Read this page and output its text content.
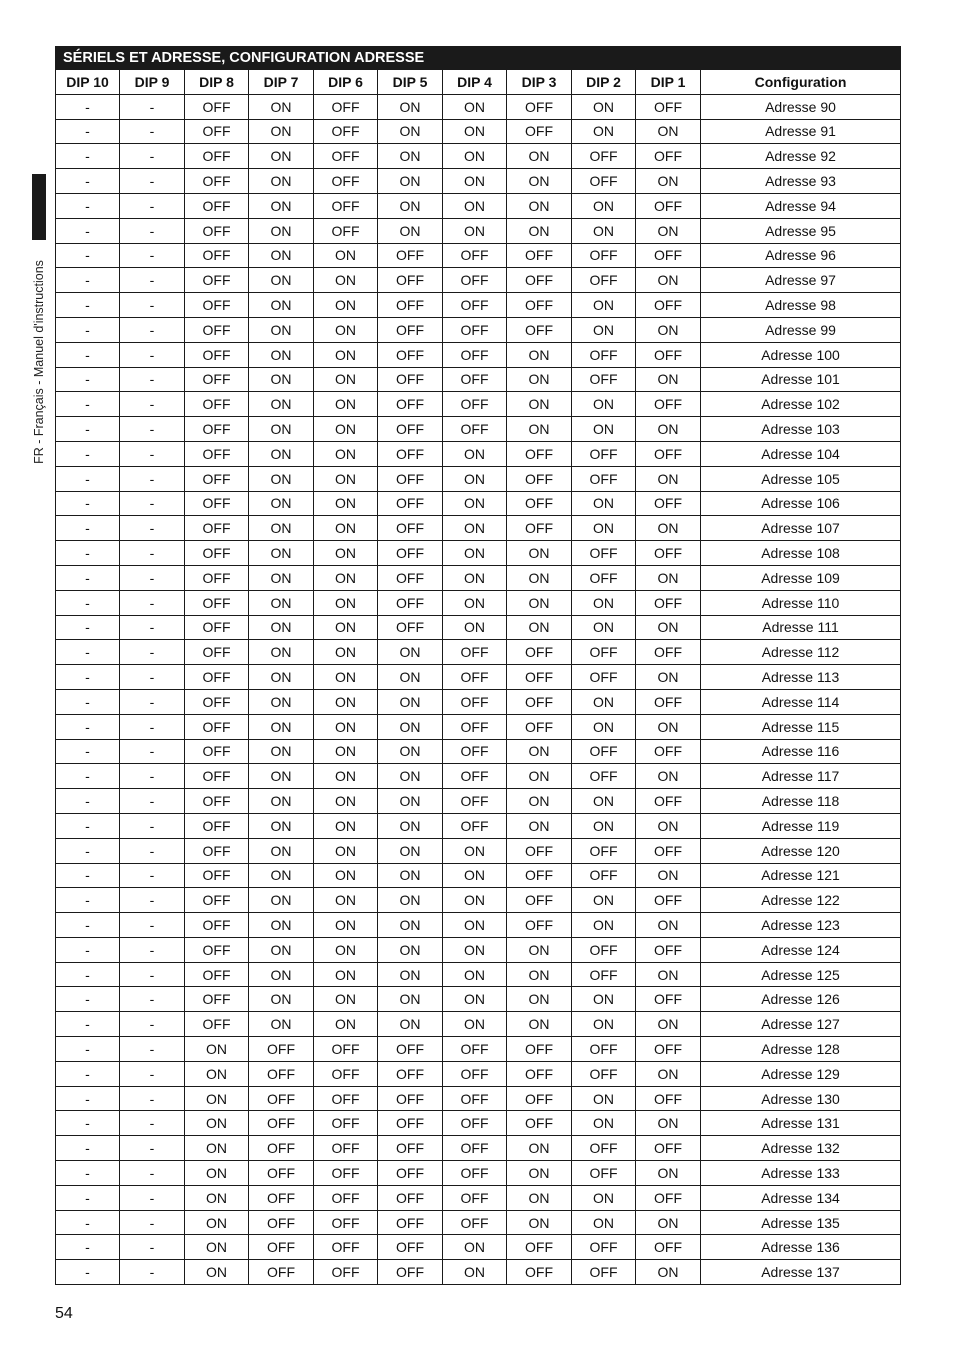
FR - Français - Manuel d'instructions
SÉRIELS ET ADRESSE, CONFIGURATION ADRESSE										
DIP 10	DIP 9	DIP 8	DIP 7	DIP 6	DIP 5	DIP 4	DIP 3	DIP 2	DIP 1	Configuration
-	-	OFF	ON	OFF	ON	ON	OFF	ON	OFF	Adresse 90
-	-	OFF	ON	OFF	ON	ON	OFF	ON	ON	Adresse 91
-	-	OFF	ON	OFF	ON	ON	ON	OFF	OFF	Adresse 92
-	-	OFF	ON	OFF	ON	ON	ON	OFF	ON	Adresse 93
-	-	OFF	ON	OFF	ON	ON	ON	ON	OFF	Adresse 94
-	-	OFF	ON	OFF	ON	ON	ON	ON	ON	Adresse 95
-	-	OFF	ON	ON	OFF	OFF	OFF	OFF	OFF	Adresse 96
-	-	OFF	ON	ON	OFF	OFF	OFF	OFF	ON	Adresse 97
-	-	OFF	ON	ON	OFF	OFF	OFF	ON	OFF	Adresse 98
-	-	OFF	ON	ON	OFF	OFF	OFF	ON	ON	Adresse 99
-	-	OFF	ON	ON	OFF	OFF	ON	OFF	OFF	Adresse 100
-	-	OFF	ON	ON	OFF	OFF	ON	OFF	ON	Adresse 101
-	-	OFF	ON	ON	OFF	OFF	ON	ON	OFF	Adresse 102
-	-	OFF	ON	ON	OFF	OFF	ON	ON	ON	Adresse 103
-	-	OFF	ON	ON	OFF	ON	OFF	OFF	OFF	Adresse 104
-	-	OFF	ON	ON	OFF	ON	OFF	OFF	ON	Adresse 105
-	-	OFF	ON	ON	OFF	ON	OFF	ON	OFF	Adresse 106
-	-	OFF	ON	ON	OFF	ON	OFF	ON	ON	Adresse 107
-	-	OFF	ON	ON	OFF	ON	ON	OFF	OFF	Adresse 108
-	-	OFF	ON	ON	OFF	ON	ON	OFF	ON	Adresse 109
-	-	OFF	ON	ON	OFF	ON	ON	ON	OFF	Adresse 110
-	-	OFF	ON	ON	OFF	ON	ON	ON	ON	Adresse 111
-	-	OFF	ON	ON	ON	OFF	OFF	OFF	OFF	Adresse 112
-	-	OFF	ON	ON	ON	OFF	OFF	OFF	ON	Adresse 113
-	-	OFF	ON	ON	ON	OFF	OFF	ON	OFF	Adresse 114
-	-	OFF	ON	ON	ON	OFF	OFF	ON	ON	Adresse 115
-	-	OFF	ON	ON	ON	OFF	ON	OFF	OFF	Adresse 116
-	-	OFF	ON	ON	ON	OFF	ON	OFF	ON	Adresse 117
-	-	OFF	ON	ON	ON	OFF	ON	ON	OFF	Adresse 118
-	-	OFF	ON	ON	ON	OFF	ON	ON	ON	Adresse 119
-	-	OFF	ON	ON	ON	ON	OFF	OFF	OFF	Adresse 120
-	-	OFF	ON	ON	ON	ON	OFF	OFF	ON	Adresse 121
-	-	OFF	ON	ON	ON	ON	OFF	ON	OFF	Adresse 122
-	-	OFF	ON	ON	ON	ON	OFF	ON	ON	Adresse 123
-	-	OFF	ON	ON	ON	ON	ON	OFF	OFF	Adresse 124
-	-	OFF	ON	ON	ON	ON	ON	OFF	ON	Adresse 125
-	-	OFF	ON	ON	ON	ON	ON	ON	OFF	Adresse 126
-	-	OFF	ON	ON	ON	ON	ON	ON	ON	Adresse 127
-	-	ON	OFF	OFF	OFF	OFF	OFF	OFF	OFF	Adresse 128
-	-	ON	OFF	OFF	OFF	OFF	OFF	OFF	ON	Adresse 129
-	-	ON	OFF	OFF	OFF	OFF	OFF	ON	OFF	Adresse 130
-	-	ON	OFF	OFF	OFF	OFF	OFF	ON	ON	Adresse 131
-	-	ON	OFF	OFF	OFF	OFF	ON	OFF	OFF	Adresse 132
-	-	ON	OFF	OFF	OFF	OFF	ON	OFF	ON	Adresse 133
-	-	ON	OFF	OFF	OFF	OFF	ON	ON	OFF	Adresse 134
-	-	ON	OFF	OFF	OFF	OFF	ON	ON	ON	Adresse 135
-	-	ON	OFF	OFF	OFF	ON	OFF	OFF	OFF	Adresse 136
-	-	ON	OFF	OFF	OFF	ON	OFF	OFF	ON	Adresse 137
54
